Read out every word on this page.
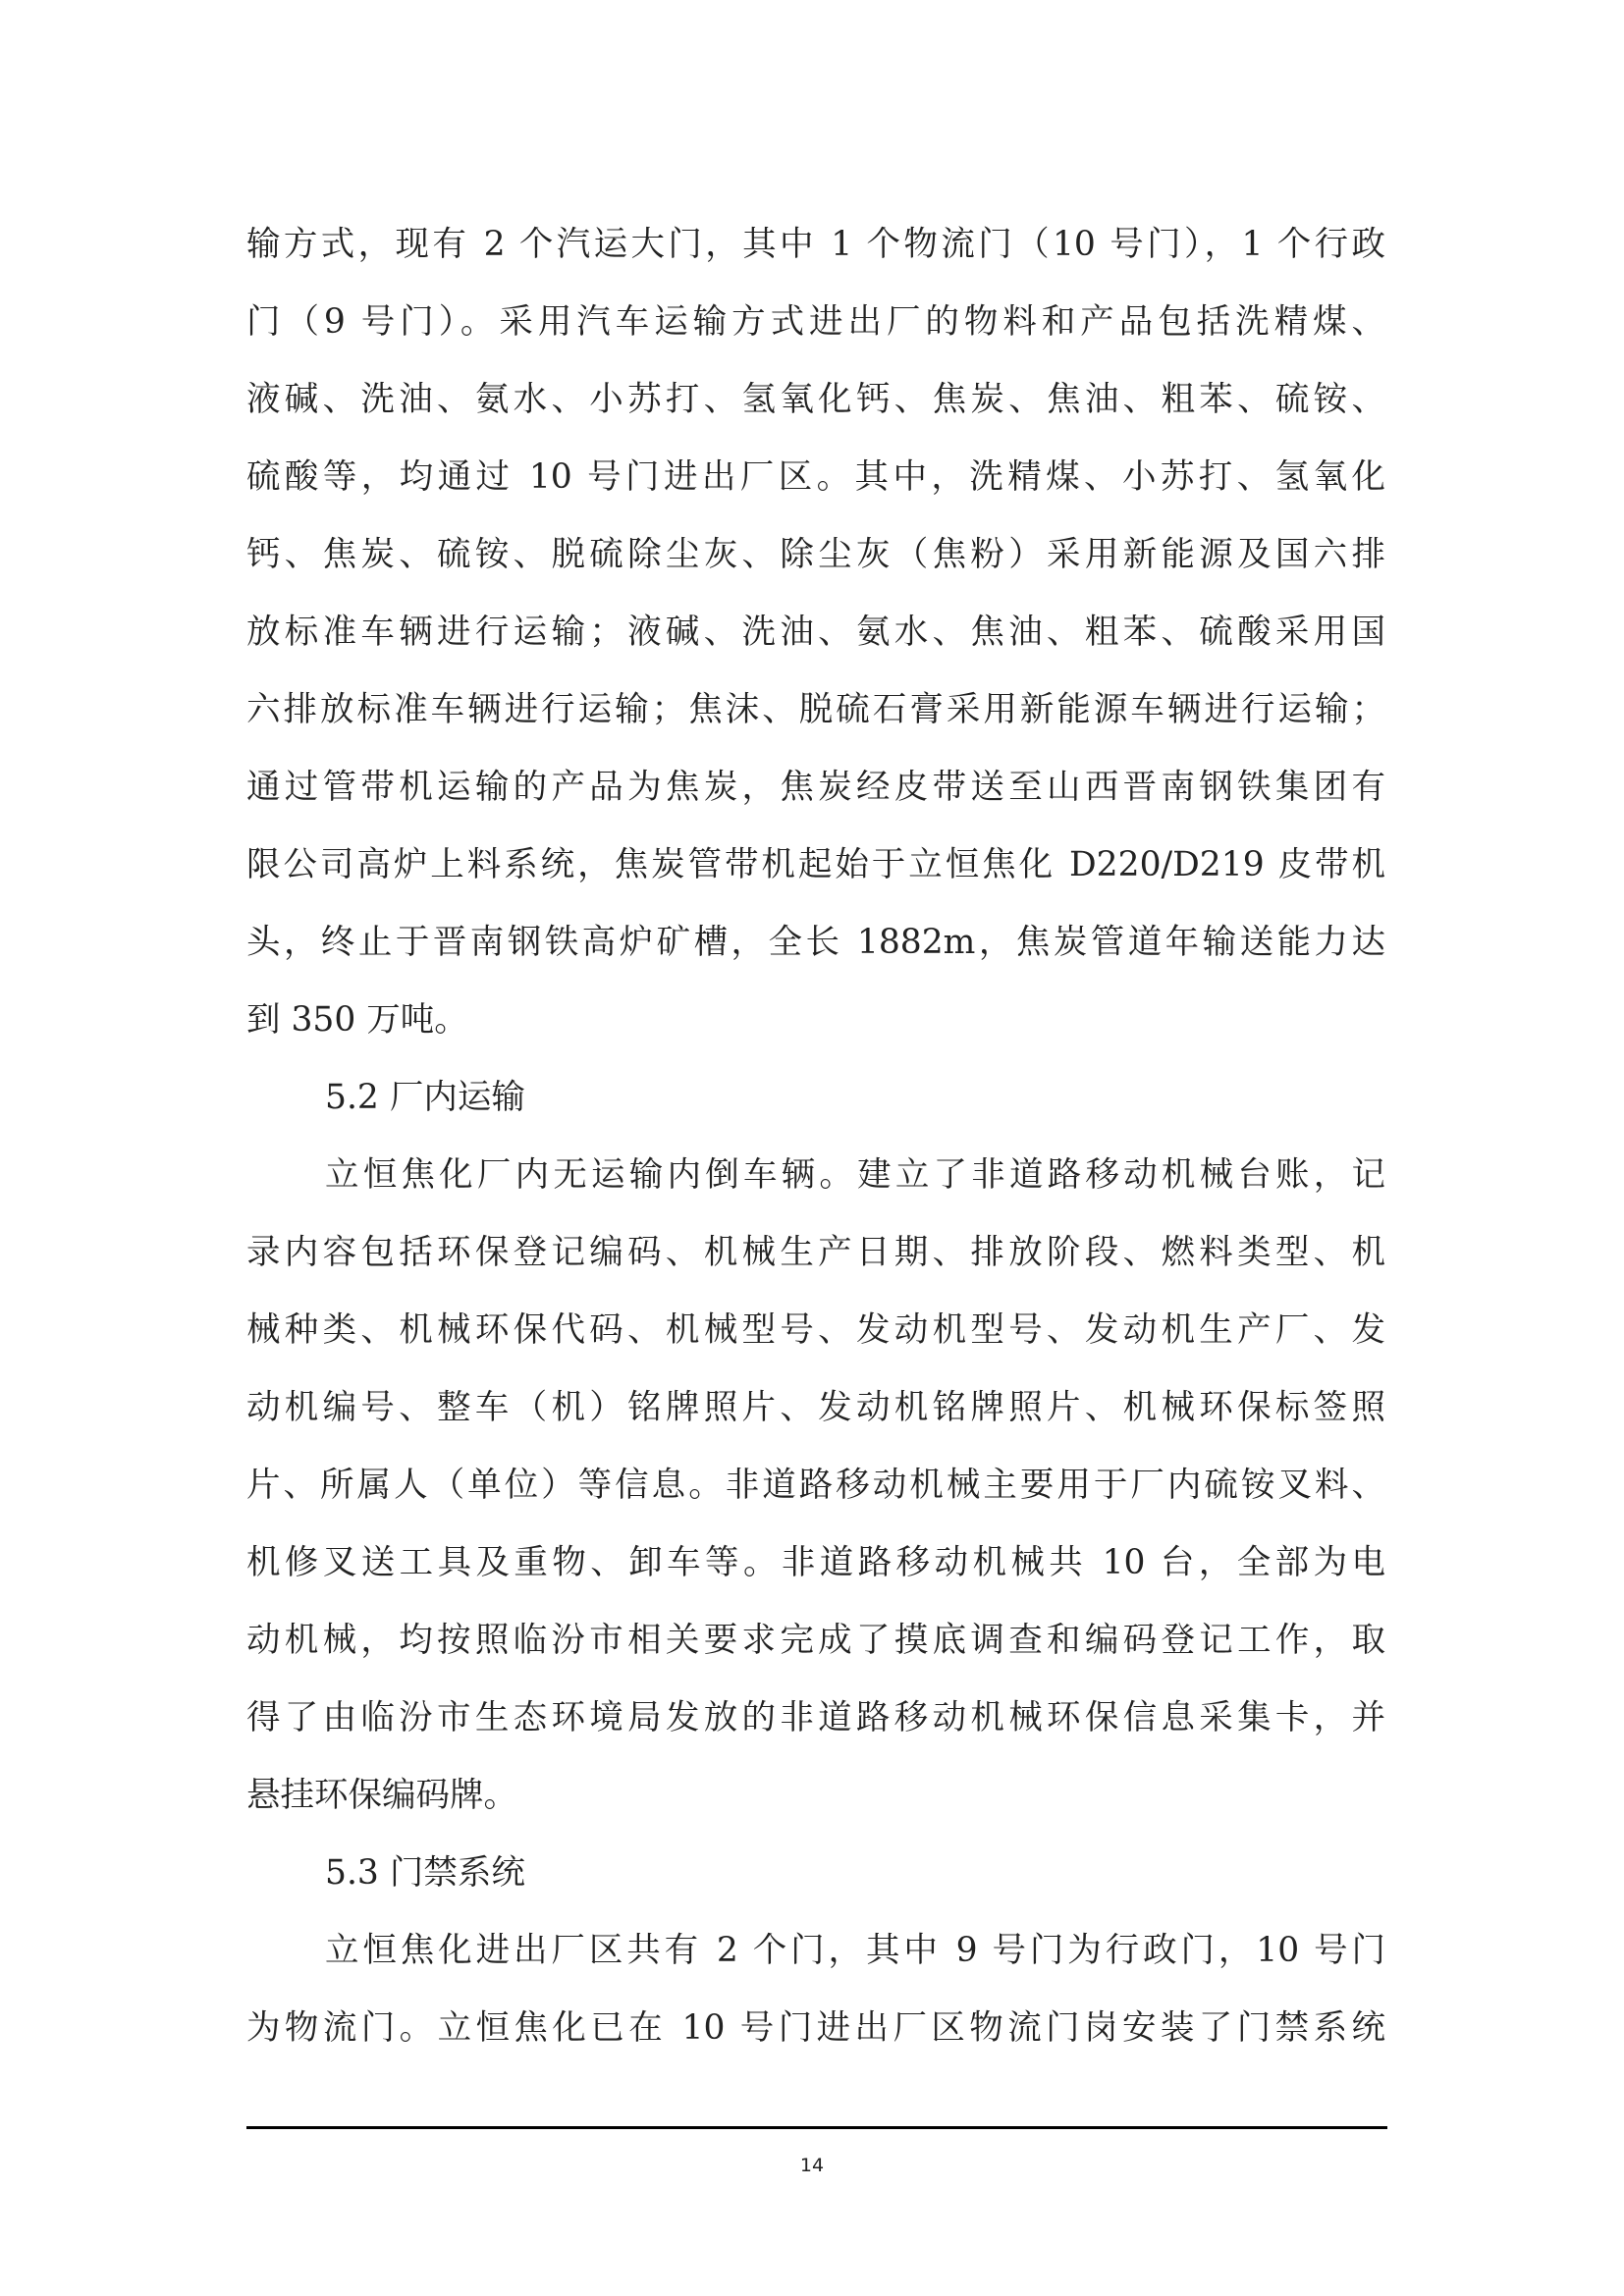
输方式，现有 2 个汽运大门，其中 1 个物流门（10 号门），1 个行政
门（9 号门）。采用汽车运输方式进出厂的物料和产品包括洗精煤、
液碱、洗油、氨水、小苏打、氢氧化钙、焦炭、焦油、粗苯、硫铵、
硫酸等，均通过 10 号门进出厂区。其中，洗精煤、小苏打、氢氧化
钙、焦炭、硫铵、脱硫除尘灰、除尘灰（焦粉）采用新能源及国六排
放标准车辆进行运输；液碱、洗油、氨水、焦油、粗苯、硫酸采用国
六排放标准车辆进行运输；焦沫、脱硫石膏采用新能源车辆进行运输；
通过管带机运输的产品为焦炭，焦炭经皮带送至山西晋南钢铁集团有
限公司高炉上料系统，焦炭管带机起始于立恒焦化 D220/D219 皮带机
头，终止于晋南钢铁高炉矿槽，全长 1882m，焦炭管道年输送能力达
到 350 万吨。
5.2 厂内运输
立恒焦化厂内无运输内倒车辆。建立了非道路移动机械台账，记
录内容包括环保登记编码、机械生产日期、排放阶段、燃料类型、机
械种类、机械环保代码、机械型号、发动机型号、发动机生产厂、发
动机编号、整车（机）铭牌照片、发动机铭牌照片、机械环保标签照
片、所属人（单位）等信息。非道路移动机械主要用于厂内硫铵叉料、
机修叉送工具及重物、卸车等。非道路移动机械共 10 台，全部为电
动机械，均按照临汾市相关要求完成了摸底调查和编码登记工作，取
得了由临汾市生态环境局发放的非道路移动机械环保信息采集卡，并
悬挂环保编码牌。
5.3 门禁系统
立恒焦化进出厂区共有 2 个门，其中 9 号门为行政门，10 号门
为物流门。立恒焦化已在 10 号门进出厂区物流门岗安装了门禁系统
14
